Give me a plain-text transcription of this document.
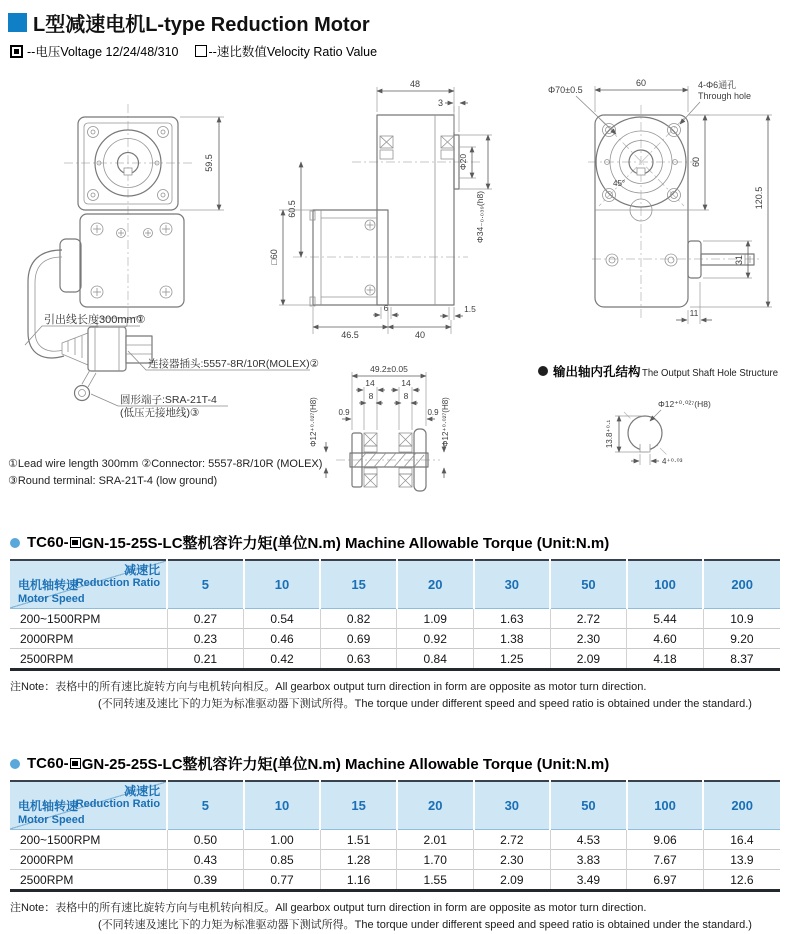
L型减速电机L-type Reduction Motor
--电压Voltage 12/24/48/310 --速比数值Velocity Ratio Value
59.5
引出线长度300mm①
连接器插头:5557-8R/10R(MOLEX)②
圆形端子:SRA-21T-4
(低压无接地线)③
48
3
Φ20
Φ34₋₀.₀₃₉(h8)
60.5
□60
6	1.5
46.5	40
45°
Φ70±0.5
60	4-Φ6通孔
Through hole
60
120.5
31
11
49.2±0.05
14	14
8	8
0.9	0.9
Φ12⁺⁰·⁰²⁷(H8)	Φ12⁺⁰·⁰²⁷(H8)
输出轴内孔结构 The Output Shaft Hole Structure
Φ12⁺⁰·⁰²⁷(H8)
13.8⁺⁰·¹
4⁺⁰·⁰³
①Lead wire length 300mm ②Connector: 5557-8R/10R (MOLEX)
③Round terminal: SRA-21T-4 (low ground)
TC60- GN-15-25S-LC整机容许力矩(单位N.m) Machine Allowable Torque (Unit:N.m)
减速比
Reduction Ratio
电机轴转速
Motor Speed	5	10	15	20	30	50	100	200
200~1500RPM	0.27	0.54	0.82	1.09	1.63	2.72	5.44	10.9
2000RPM	0.23	0.46	0.69	0.92	1.38	2.30	4.60	9.20
2500RPM	0.21	0.42	0.63	0.84	1.25	2.09	4.18	8.37
注Note：表格中的所有速比旋转方向与电机转向相反。All gearbox output turn direction in form are opposite as motor turn direction.
(不同转速及速比下的力矩为标准驱动器下测试所得。The torque under different speed and speed ratio is obtained under the standard.)
TC60- GN-25-25S-LC整机容许力矩(单位N.m) Machine Allowable Torque (Unit:N.m)
减速比
Reduction Ratio
电机轴转速
Motor Speed	5	10	15	20	30	50	100	200
200~1500RPM	0.50	1.00	1.51	2.01	2.72	4.53	9.06	16.4
2000RPM	0.43	0.85	1.28	1.70	2.30	3.83	7.67	13.9
2500RPM	0.39	0.77	1.16	1.55	2.09	3.49	6.97	12.6
注Note：表格中的所有速比旋转方向与电机转向相反。All gearbox output turn direction in form are opposite as motor turn direction.
(不同转速及速比下的力矩为标准驱动器下测试所得。The torque under different speed and speed ratio is obtained under the standard.)
